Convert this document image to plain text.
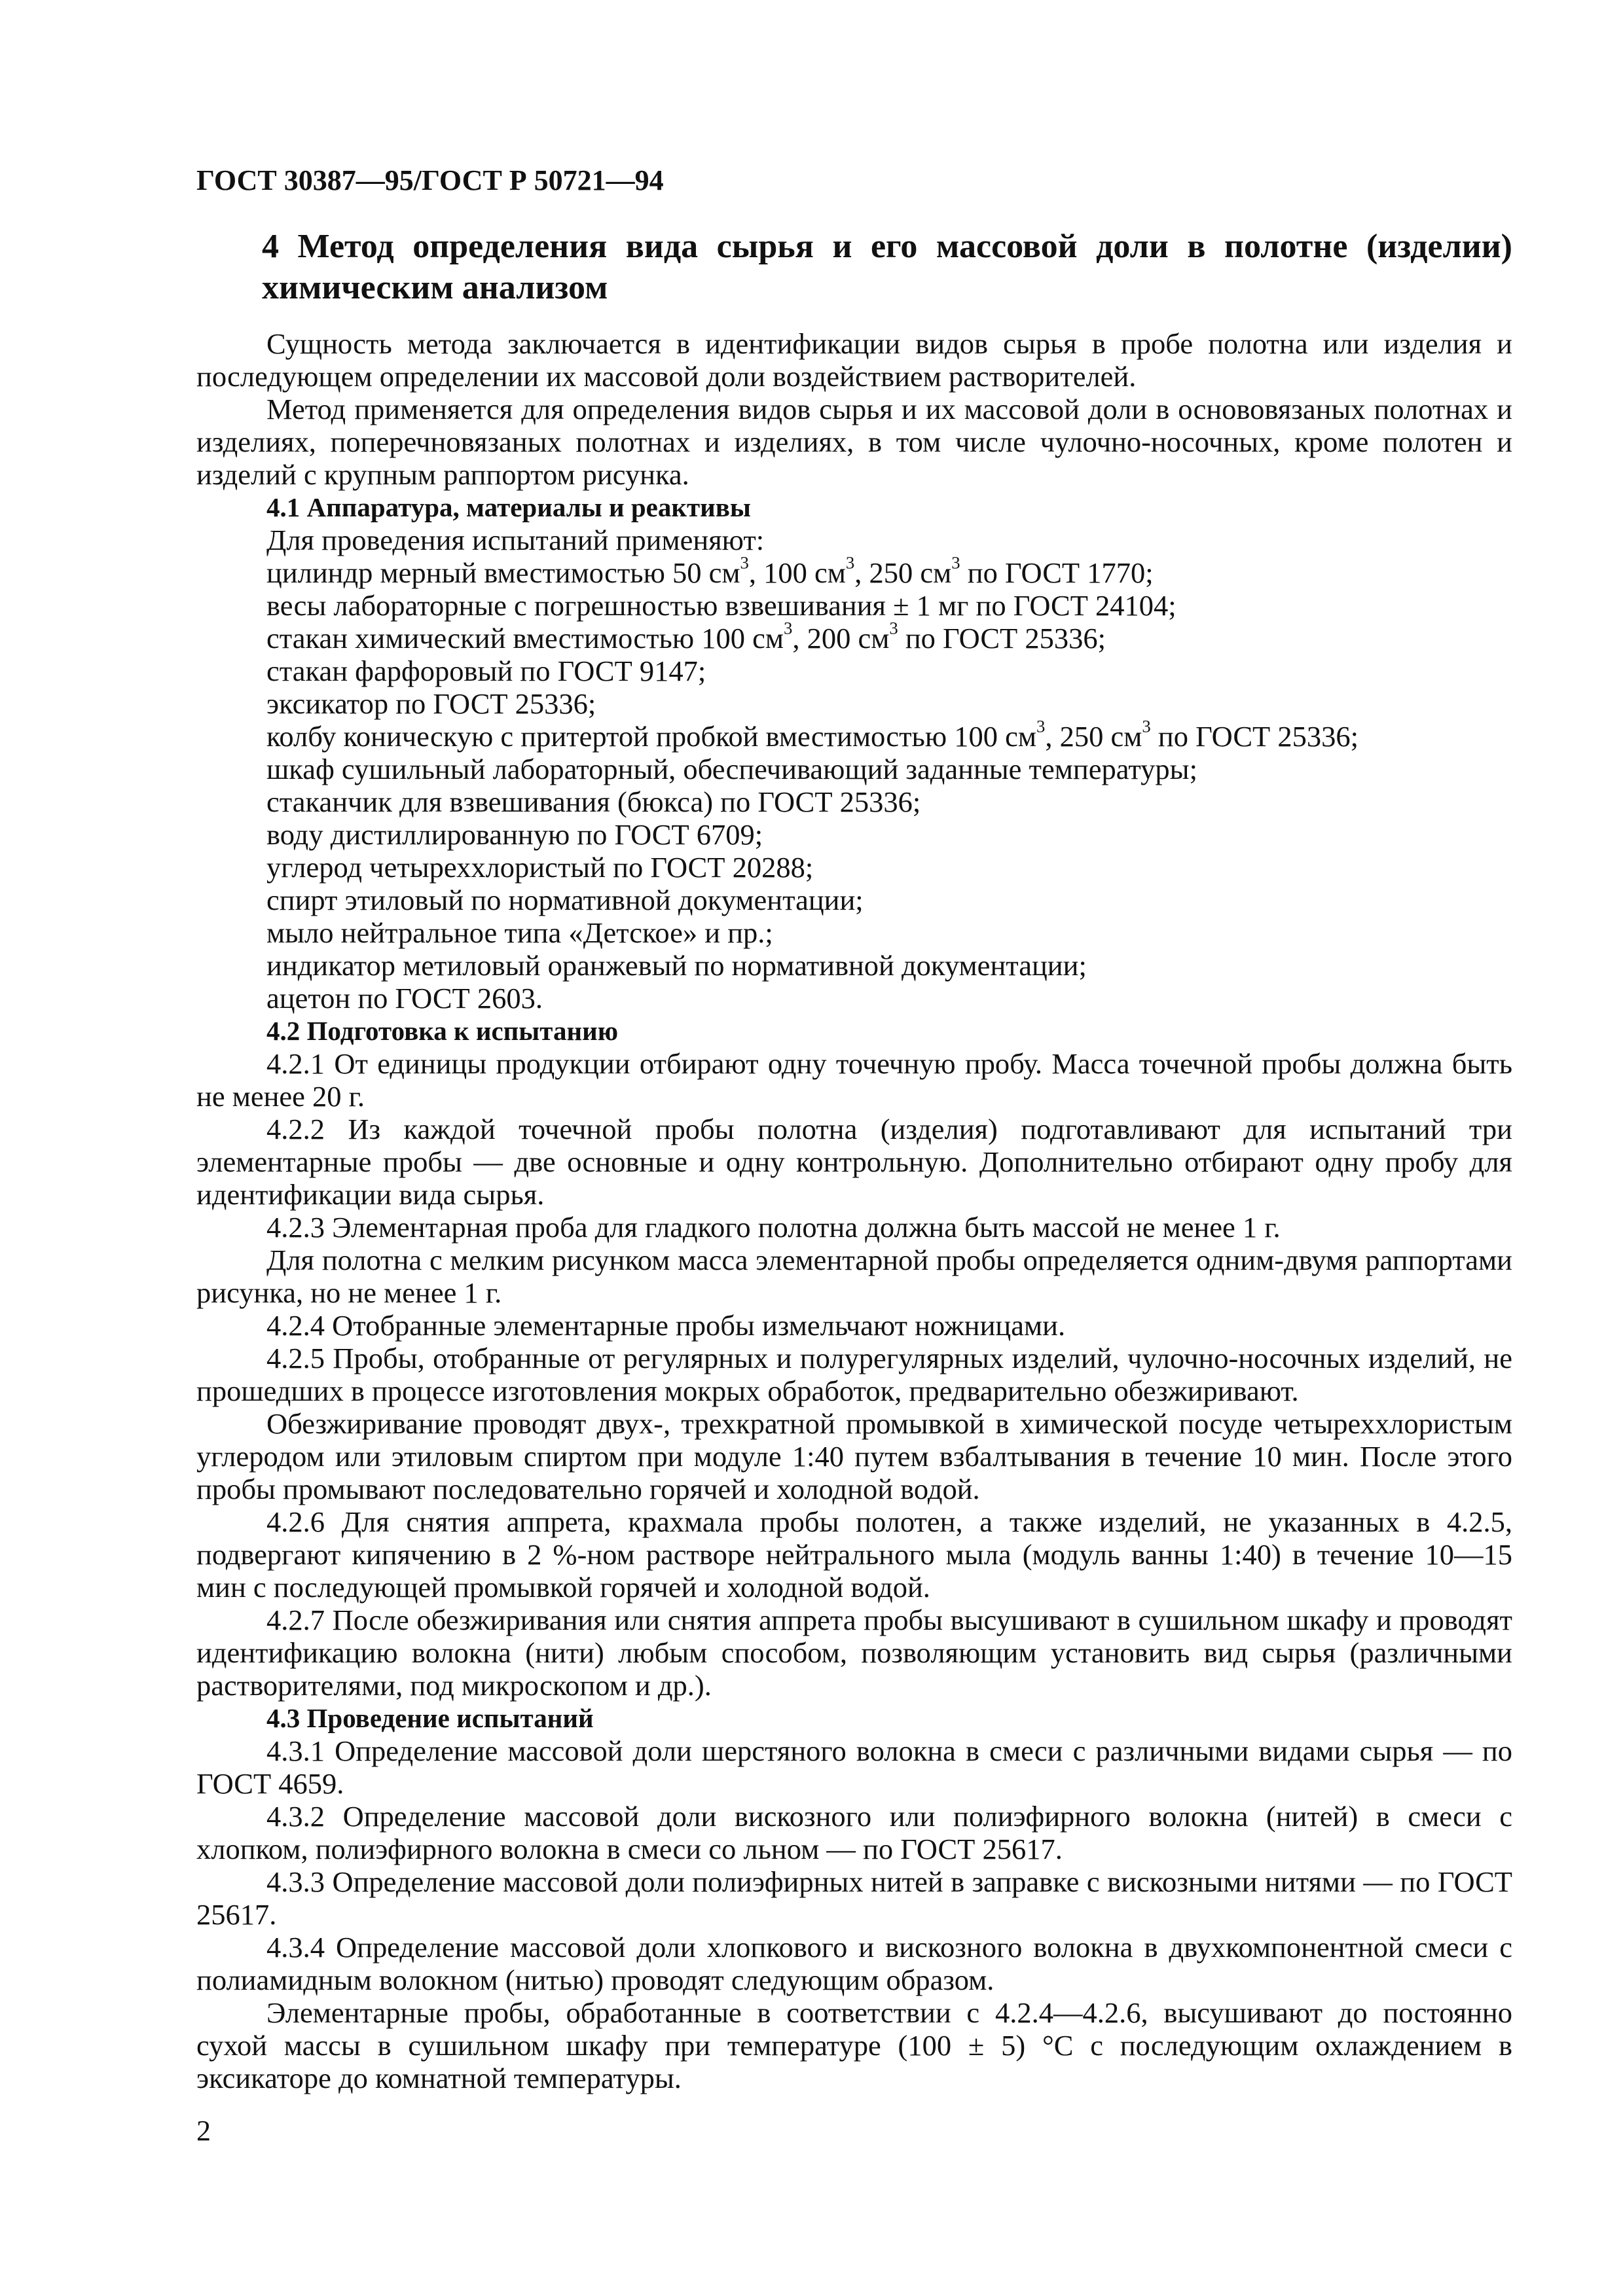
ГОСТ 30387—95/ГОСТ Р 50721—94
4 Метод определения вида сырья и его массовой доли в полотне (изделии) химическим анализом

Сущность метода заключается в идентификации видов сырья в пробе полотна или изделия и последующем определении их массовой доли воздействием растворителей.

Метод применяется для определения видов сырья и их массовой доли в основовязаных полотнах и изделиях, поперечновязаных полотнах и изделиях, в том числе чулочно-носочных, кроме полотен и изделий с крупным раппортом рисунка.

4.1 Аппаратура, материалы и реактивы
Для проведения испытаний применяют:
цилиндр мерный вместимостью 50 $см^3$, 100 $см^3$, 250 $см^3$ по ГОСТ 1770;
весы лабораторные с погрешностью взвешивания ± 1 мг по ГОСТ 24104;
стакан химический вместимостью 100 $см^3$, 200 $см^3$ по ГОСТ 25336;
стакан фарфоровый по ГОСТ 9147;
эксикатор по ГОСТ 25336;
колбу коническую с притертой пробкой вместимостью 100 $см^3$, 250 $см^3$ по ГОСТ 25336;
шкаф сушильный лабораторный, обеспечивающий заданные температуры;
стаканчик для взвешивания (бюкса) по ГОСТ 25336;
воду дистиллированную по ГОСТ 6709;
углерод четыреххлористый по ГОСТ 20288;
спирт этиловый по нормативной документации;
мыло нейтральное типа «Детское» и пр.;
индикатор метиловый оранжевый по нормативной документации;
ацетон по ГОСТ 2603.
4.2 Подготовка к испытанию

4.2.1 От единицы продукции отбирают одну точечную пробу. Масса точечной пробы должна быть не менее 20 г.

4.2.2 Из каждой точечной пробы полотна (изделия) подготавливают для испытаний три элементарные пробы — две основные и одну контрольную. Дополнительно отбирают одну пробу для идентификации вида сырья.

4.2.3 Элементарная проба для гладкого полотна должна быть массой не менее 1 г.

Для полотна с мелким рисунком масса элементарной пробы определяется одним-двумя раппортами рисунка, но не менее 1 г.

4.2.4 Отобранные элементарные пробы измельчают ножницами.

4.2.5 Пробы, отобранные от регулярных и полурегулярных изделий, чулочно-носочных изделий, не прошедших в процессе изготовления мокрых обработок, предварительно обезжиривают.

Обезжиривание проводят двух-, трехкратной промывкой в химической посуде четыреххлористым углеродом или этиловым спиртом при модуле 1:40 путем взбалтывания в течение 10 мин. После этого пробы промывают последовательно горячей и холодной водой.

4.2.6 Для снятия аппрета, крахмала пробы полотен, а также изделий, не указанных в 4.2.5, подвергают кипячению в 2 %-ном растворе нейтрального мыла (модуль ванны 1:40) в течение 10—15 мин с последующей промывкой горячей и холодной водой.

4.2.7 После обезжиривания или снятия аппрета пробы высушивают в сушильном шкафу и проводят идентификацию волокна (нити) любым способом, позволяющим установить вид сырья (различными растворителями, под микроскопом и др.).

4.3 Проведение испытаний

4.3.1 Определение массовой доли шерстяного волокна в смеси с различными видами сырья — по ГОСТ 4659.

4.3.2 Определение массовой доли вискозного или полиэфирного волокна (нитей) в смеси с хлопком, полиэфирного волокна в смеси со льном — по ГОСТ 25617.

4.3.3 Определение массовой доли полиэфирных нитей в заправке с вискозными нитями — по ГОСТ 25617.

4.3.4 Определение массовой доли хлопкового и вискозного волокна в двухкомпонентной смеси с полиамидным волокном (нитью) проводят следующим образом.

Элементарные пробы, обработанные в соответствии с 4.2.4—4.2.6, высушивают до постоянно сухой массы в сушильном шкафу при температуре (100 ± 5) °С с последующим охлаждением в эксикаторе до комнатной температуры.

2
